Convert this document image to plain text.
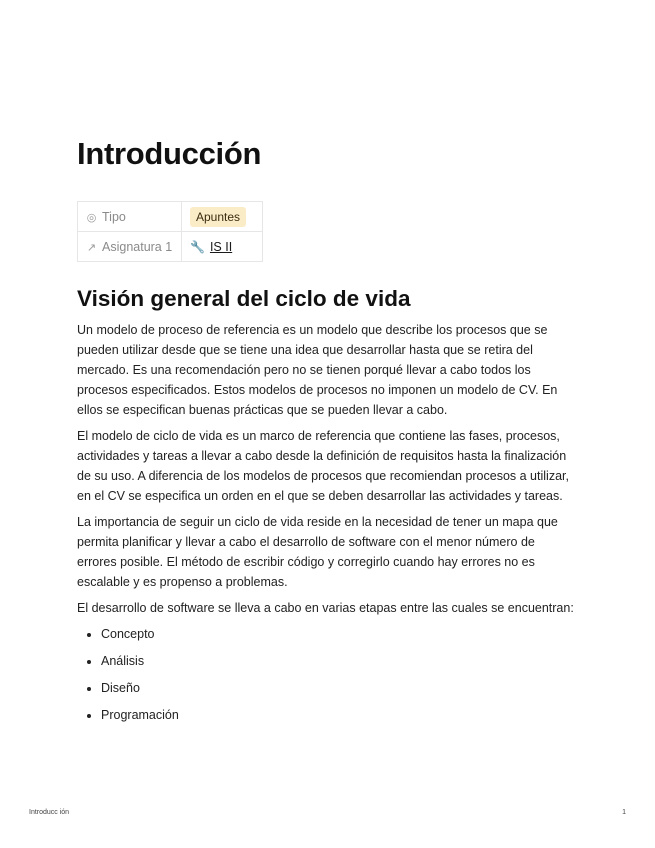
Introducción
◎ Tipo	Apuntes
↗ Asignatura 1	🔧 IS II
Visión general del ciclo de vida

Un modelo de proceso de referencia es un modelo que describe los procesos que se pueden utilizar desde que se tiene una idea que desarrollar hasta que se retira del mercado. Es una recomendación pero no se tienen porqué llevar a cabo todos los procesos especificados. Estos modelos de procesos no imponen un modelo de CV. En ellos se especifican buenas prácticas que se pueden llevar a cabo.

El modelo de ciclo de vida es un marco de referencia que contiene las fases, procesos, actividades y tareas a llevar a cabo desde la definición de requisitos hasta la finalización de su uso. A diferencia de los modelos de procesos que recomiendan procesos a utilizar, en el CV se especifica un orden en el que se deben desarrollar las actividades y tareas.

La importancia de seguir un ciclo de vida reside en la necesidad de tener un mapa que permita planificar y llevar a cabo el desarrollo de software con el menor número de errores posible. El método de escribir código y corregirlo cuando hay errores no es escalable y es propenso a problemas.

El desarrollo de software se lleva a cabo en varias etapas entre las cuales se encuentran:

• Concepto
• Análisis
• Diseño
• Programación
Introducc ión	1
